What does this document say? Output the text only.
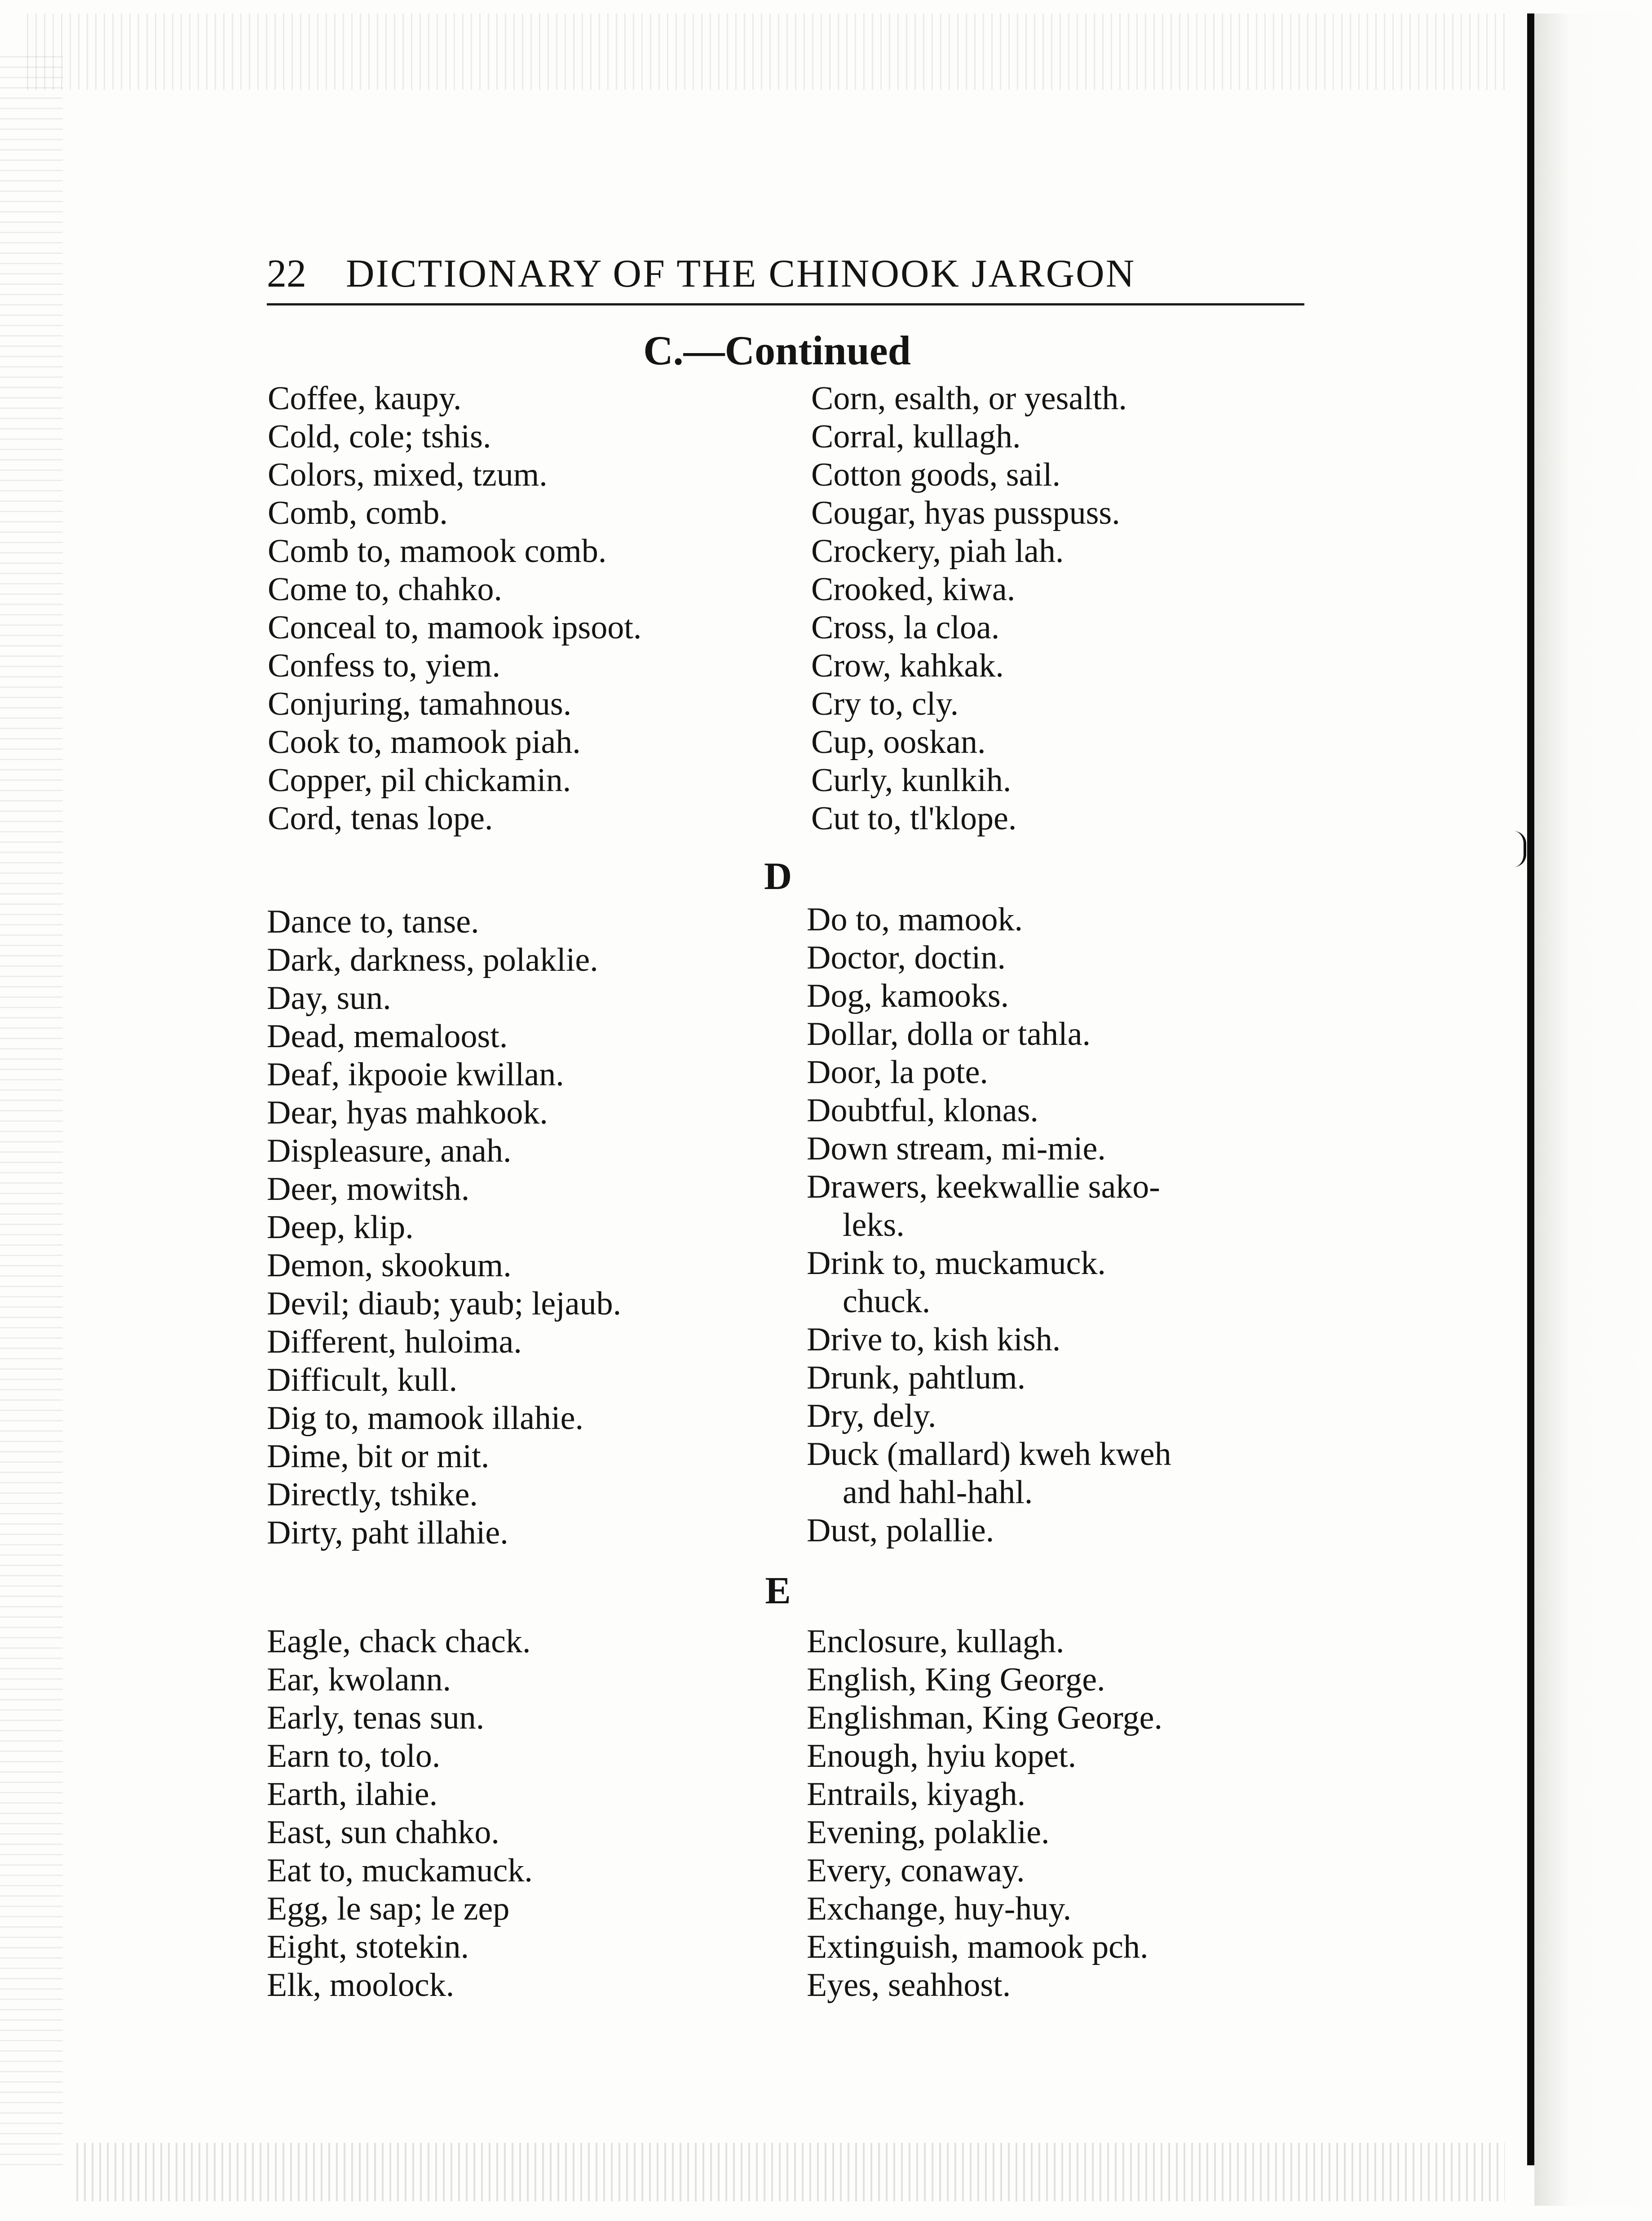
22 DICTIONARY OF THE CHINOOK JARGON
C.—Continued
Coffee, kaupy.
Cold, cole; tshis.
Colors, mixed, tzum.
Comb, comb.
Comb to, mamook comb.
Come to, chahko.
Conceal to, mamook ipsoot.
Confess to, yiem.
Conjuring, tamahnous.
Cook to, mamook piah.
Copper, pil chickamin.
Cord, tenas lope.
Corn, esalth, or yesalth.
Corral, kullagh.
Cotton goods, sail.
Cougar, hyas pusspuss.
Crockery, piah lah.
Crooked, kiwa.
Cross, la cloa.
Crow, kahkak.
Cry to, cly.
Cup, ooskan.
Curly, kunlkih.
Cut to, tl'klope.
D
Dance to, tanse.
Dark, darkness, polaklie.
Day, sun.
Dead, memaloost.
Deaf, ikpooie kwillan.
Dear, hyas mahkook.
Displeasure, anah.
Deer, mowitsh.
Deep, klip.
Demon, skookum.
Devil; diaub; yaub; lejaub.
Different, huloima.
Difficult, kull.
Dig to, mamook illahie.
Dime, bit or mit.
Directly, tshike.
Dirty, paht illahie.
Do to, mamook.
Doctor, doctin.
Dog, kamooks.
Dollar, dolla or tahla.
Door, la pote.
Doubtful, klonas.
Down stream, mi-mie.
Drawers, keekwallie sako-
leks.
Drink to, muckamuck.
chuck.
Drive to, kish kish.
Drunk, pahtlum.
Dry, dely.
Duck (mallard) kweh kweh
and hahl-hahl.
Dust, polallie.
E
Eagle, chack chack.
Ear, kwolann.
Early, tenas sun.
Earn to, tolo.
Earth, ilahie.
East, sun chahko.
Eat to, muckamuck.
Egg, le sap; le zep
Eight, stotekin.
Elk, moolock.
Enclosure, kullagh.
English, King George.
Englishman, King George.
Enough, hyiu kopet.
Entrails, kiyagh.
Evening, polaklie.
Every, conaway.
Exchange, huy-huy.
Extinguish, mamook pch.
Eyes, seahhost.
